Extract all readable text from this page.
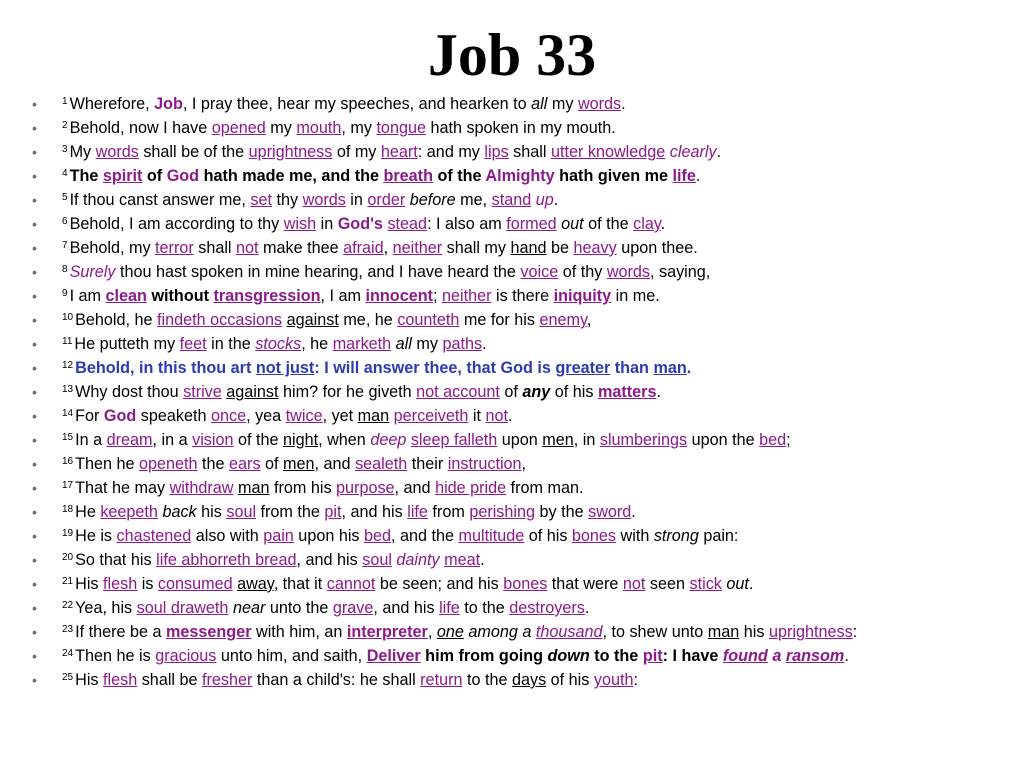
Job 33
•	$^1$ Wherefore, Job, I pray thee, hear my speeches, and hearken to all my words.
•	$^2$ Behold, now I have opened my mouth, my tongue hath spoken in my mouth.
•	$^3$ My words shall be of the uprightness of my heart: and my lips shall utter knowledge clearly.
•	$^4$ The spirit of God hath made me, and the breath of the Almighty hath given me life.
•	$^5$ If thou canst answer me, set thy words in order before me, stand up.
•	$^6$ Behold, I am according to thy wish in God's stead: I also am formed out of the clay.
•	$^7$ Behold, my terror shall not make thee afraid, neither shall my hand be heavy upon thee.
•	$^8$ Surely thou hast spoken in mine hearing, and I have heard the voice of thy words, saying,
•	$^9$ I am clean without transgression, I am innocent; neither is there iniquity in me.
•	$^{10}$ Behold, he findeth occasions against me, he counteth me for his enemy,
•	$^{11}$ He putteth my feet in the stocks, he marketh all my paths.
•	$^{12}$ Behold, in this thou art not just: I will answer thee, that God is greater than man.
•	$^{13}$ Why dost thou strive against him? for he giveth not account of any of his matters.
•	$^{14}$ For God speaketh once, yea twice, yet man perceiveth it not.
•	$^{15}$ In a dream, in a vision of the night, when deep sleep falleth upon men, in slumberings upon the bed;
•	$^{16}$ Then he openeth the ears of men, and sealeth their instruction,
•	$^{17}$ That he may withdraw man from his purpose, and hide pride from man.
•	$^{18}$ He keepeth back his soul from the pit, and his life from perishing by the sword.
•	$^{19}$ He is chastened also with pain upon his bed, and the multitude of his bones with strong pain:
•	$^{20}$ So that his life abhorreth bread, and his soul dainty meat.
•	$^{21}$ His flesh is consumed away, that it cannot be seen; and his bones that were not seen stick out.
•	$^{22}$ Yea, his soul draweth near unto the grave, and his life to the destroyers.
•	$^{23}$ If there be a messenger with him, an interpreter, one among a thousand, to shew unto man his uprightness:
•	$^{24}$ Then he is gracious unto him, and saith, Deliver him from going down to the pit: I have found a ransom.
•	$^{25}$ His flesh shall be fresher than a child's: he shall return to the days of his youth:
